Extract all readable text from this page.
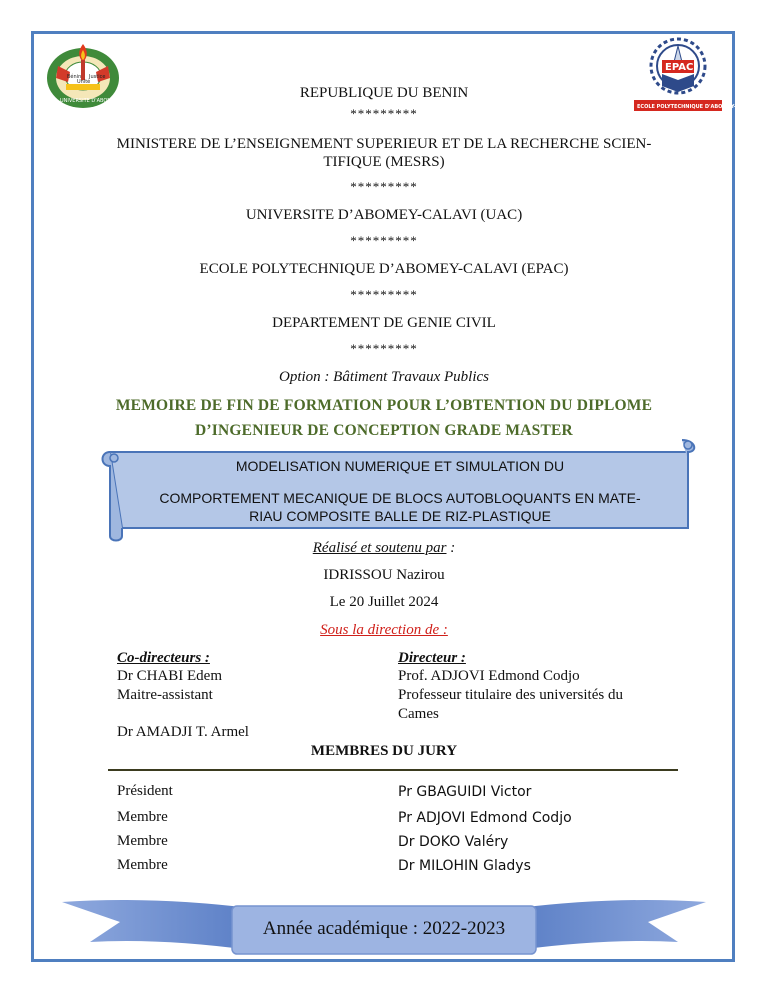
Bénin Justice
Unité
UNIVERSITE D'ABOMEY-CALAVI
EPAC
ECOLE POLYTECHNIQUE D'ABOMEY-CALAVI
REPUBLIQUE DU BENIN
*********
MINISTERE DE L’ENSEIGNEMENT SUPERIEUR ET DE LA RECHERCHE SCIEN-
TIFIQUE (MESRS)
*********
UNIVERSITE D’ABOMEY-CALAVI (UAC)
*********
ECOLE POLYTECHNIQUE D’ABOMEY-CALAVI (EPAC)
*********
DEPARTEMENT DE GENIE CIVIL
*********
Option : Bâtiment Travaux Publics
MEMOIRE DE FIN DE FORMATION POUR L’OBTENTION DU DIPLOME
D’INGENIEUR DE CONCEPTION GRADE MASTER
MODELISATION NUMERIQUE ET SIMULATION DU
COMPORTEMENT MECANIQUE DE BLOCS AUTOBLOQUANTS EN MATE-
RIAU COMPOSITE BALLE DE RIZ-PLASTIQUE
Réalisé et soutenu par :
IDRISSOU Nazirou
Le 20 Juillet 2024
Sous la direction de :
Co-directeurs :
Dr CHABI Edem
Maitre-assistant
Dr AMADJI T. Armel
Directeur :
Prof. ADJOVI Edmond Codjo
Professeur titulaire des universités du
Cames
MEMBRES DU JURY
Président	Pr GBAGUIDI Victor
Membre	Pr ADJOVI Edmond Codjo
Membre	Dr DOKO Valéry
Membre	Dr MILOHIN Gladys
Année académique : 2022-2023
